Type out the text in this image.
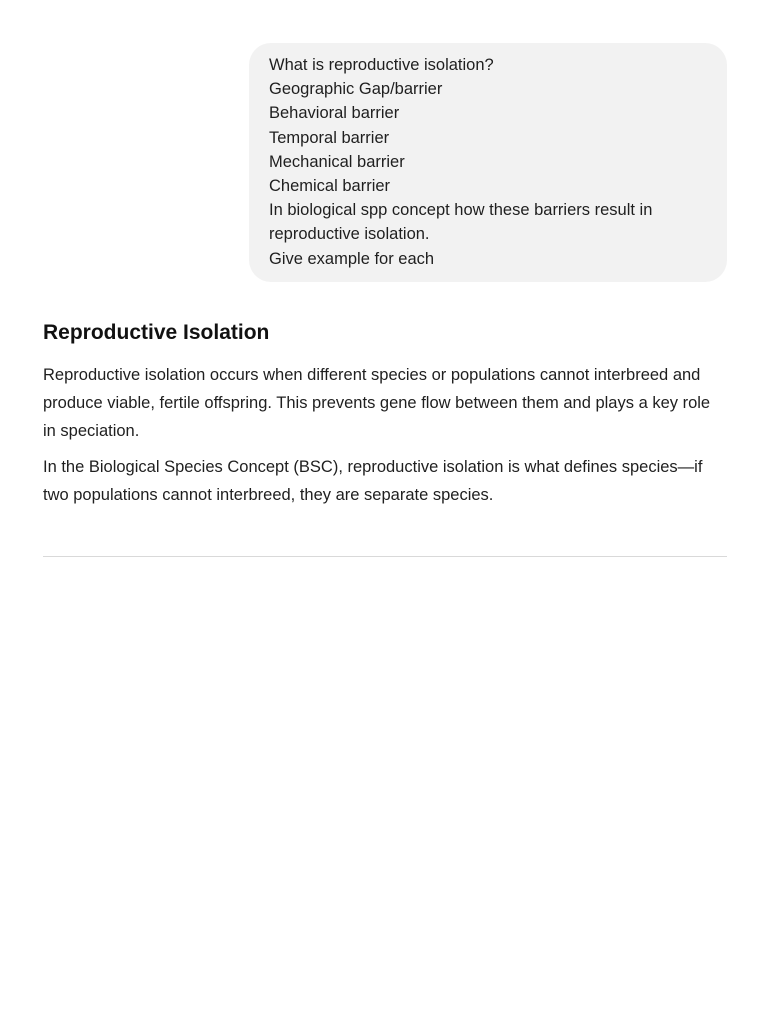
What is reproductive isolation?

Geographic Gap/barrier

Behavioral barrier

Temporal barrier

Mechanical barrier

Chemical barrier

In biological spp concept how these barriers result in reproductive isolation.

Give example for each

Reproductive Isolation

Reproductive isolation occurs when different species or populations cannot interbreed and produce viable, fertile offspring. This prevents gene flow between them and plays a key role in speciation.

In the Biological Species Concept (BSC), reproductive isolation is what defines species—if two populations cannot interbreed, they are separate species.
